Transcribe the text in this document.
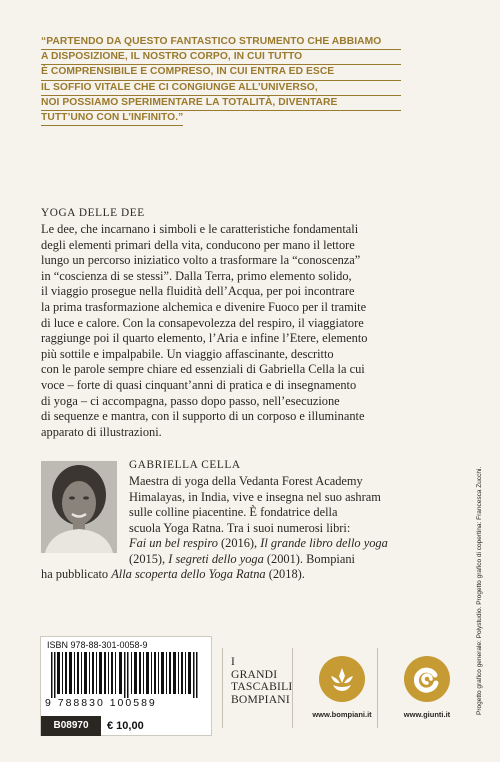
“PARTENDO DA QUESTO FANTASTICO STRUMENTO CHE ABBIAMO
A DISPOSIZIONE, IL NOSTRO CORPO, IN CUI TUTTO
È COMPRENSIBILE E COMPRESO, IN CUI ENTRA ED ESCE
IL SOFFIO VITALE CHE CI CONGIUNGE ALL’UNIVERSO,
NOI POSSIAMO SPERIMENTARE LA TOTALITÀ, DIVENTARE
TUTT’UNO CON L’INFINITO.”
YOGA DELLE DEE
Le dee, che incarnano i simboli e le caratteristiche fondamentali
degli elementi primari della vita, conducono per mano il lettore
lungo un percorso iniziatico volto a trasformare la “conoscenza”
in “coscienza di se stessi”. Dalla Terra, primo elemento solido,
il viaggio prosegue nella fluidità dell’Acqua, per poi incontrare
la prima trasformazione alchemica e divenire Fuoco per il tramite
di luce e calore. Con la consapevolezza del respiro, il viaggiatore
raggiunge poi il quarto elemento, l’Aria e infine l’Etere, elemento
più sottile e impalpabile. Un viaggio affascinante, descritto
con le parole sempre chiare ed essenziali di Gabriella Cella la cui
voce – forte di quasi cinquant’anni di pratica e di insegnamento
di yoga – ci accompagna, passo dopo passo, nell’esecuzione
di sequenze e mantra, con il supporto di un corposo e illuminante
apparato di illustrazioni.
GABRIELLA CELLA
Maestra di yoga della Vedanta Forest Academy
Himalayas, in India, vive e insegna nel suo ashram
sulle colline piacentine. È fondatrice della
scuola Yoga Ratna. Tra i suoi numerosi libri:
Fai un bel respiro (2016), Il grande libro dello yoga
(2015), I segreti dello yoga (2001). Bompiani
ha pubblicato Alla scoperta dello Yoga Ratna (2018).
ISBN 978-88-301-0058-9
9 788830 100589
B08970	€ 10,00
I GRANDI
TASCABILI
BOMPIANI
www.bompiani.it	www.giunti.it	Progetto grafico generale: Polystudio. Progetto grafico di copertina: Francesca Zucchi.
